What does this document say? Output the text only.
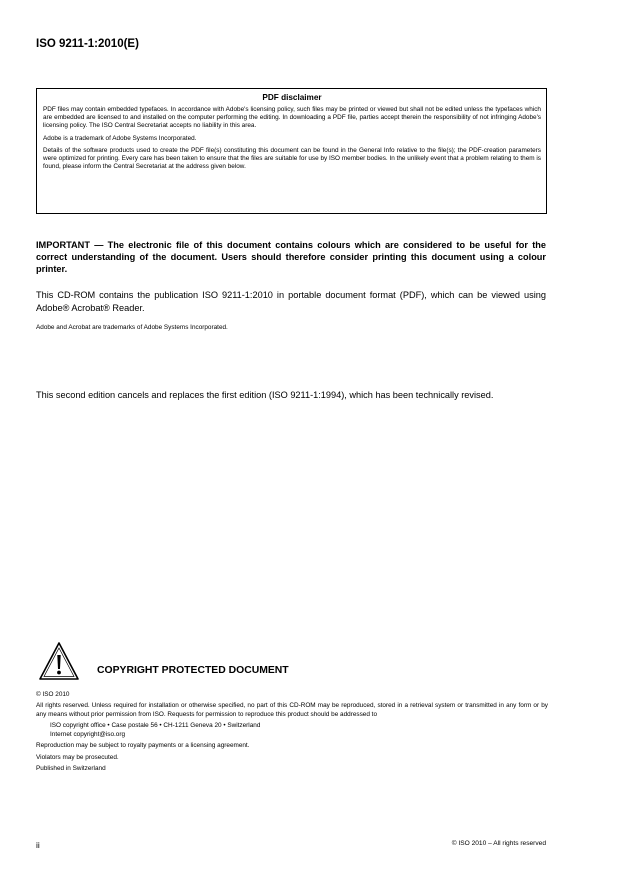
ISO 9211-1:2010(E)

PDF disclaimer

PDF files may contain embedded typefaces. In accordance with Adobe's licensing policy, such files may be printed or viewed but shall not be edited unless the typefaces which are embedded are licensed to and installed on the computer performing the editing. In downloading a PDF file, parties accept therein the responsibility of not infringing Adobe's licensing policy. The ISO Central Secretariat accepts no liability in this area.

Adobe is a trademark of Adobe Systems Incorporated.

Details of the software products used to create the PDF file(s) constituting this document can be found in the General Info relative to the file(s); the PDF-creation parameters were optimized for printing. Every care has been taken to ensure that the files are suitable for use by ISO member bodies. In the unlikely event that a problem relating to them is found, please inform the Central Secretariat at the address given below.

IMPORTANT — The electronic file of this document contains colours which are considered to be useful for the correct understanding of the document. Users should therefore consider printing this document using a colour printer.
This CD-ROM contains the publication ISO 9211-1:2010 in portable document format (PDF), which can be viewed using Adobe® Acrobat® Reader.
Adobe and Acrobat are trademarks of Adobe Systems Incorporated.
This second edition cancels and replaces the first edition (ISO 9211-1:1994), which has been technically revised.
COPYRIGHT PROTECTED DOCUMENT

© ISO 2010

All rights reserved. Unless required for installation or otherwise specified, no part of this CD-ROM may be reproduced, stored in a retrieval system or transmitted in any form or by any means without prior permission from ISO. Requests for permission to reproduce this product should be addressed to

ISO copyright office • Case postale 56 • CH-1211 Geneva 20 • Switzerland

Internet copyright@iso.org

Reproduction may be subject to royalty payments or a licensing agreement.

Violators may be prosecuted.

Published in Switzerland

ii	© ISO 2010 – All rights reserved
